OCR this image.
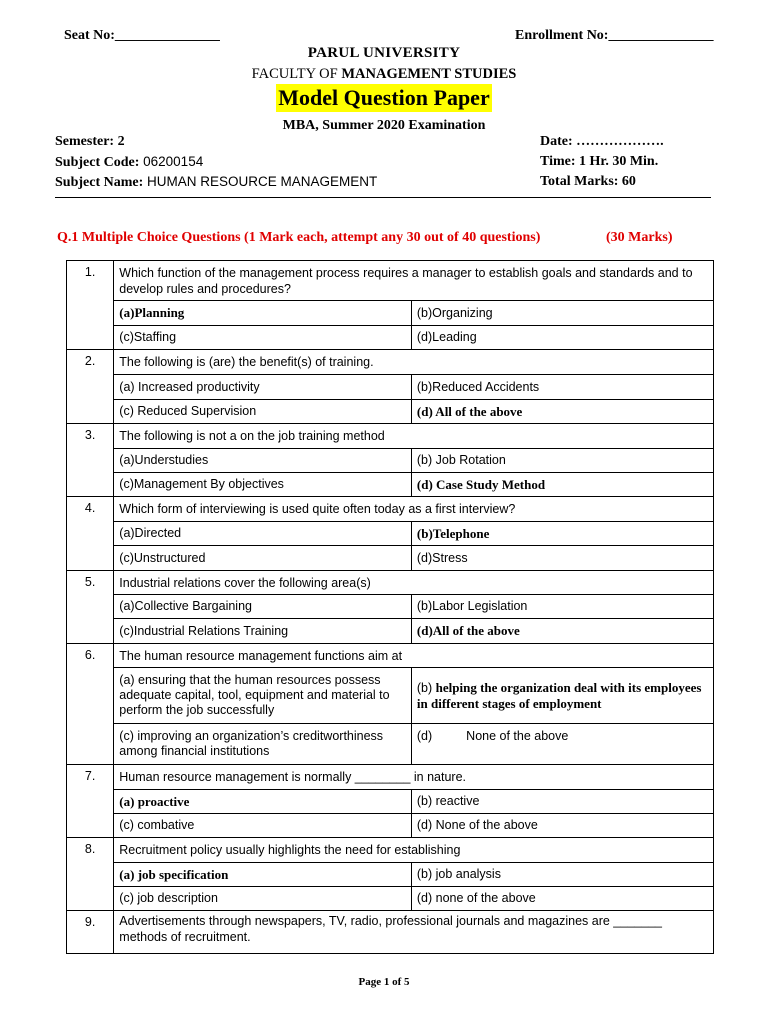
Seat No:_______________	Enrollment No:_______________
PARUL UNIVERSITY
FACULTY OF MANAGEMENT STUDIES
Model Question Paper
MBA, Summer 2020 Examination
Semester: 2
Subject Code: 06200154
Subject Name: HUMAN RESOURCE MANAGEMENT
Date: ……………….
Time: 1 Hr. 30 Min.
Total Marks: 60
Q.1 Multiple Choice Questions (1 Mark each, attempt any 30 out of 40 questions)	(30 Marks)
1.	Which function of the management process requires a manager to establish goals and standards and to develop rules and procedures?	
	(a)Planning	(b)Organizing
	(c)Staffing	(d)Leading
2.	The following is (are) the benefit(s) of training.	
	(a) Increased productivity	(b)Reduced Accidents
	(c) Reduced Supervision	(d) All of the above
3.	The following is not a on the job training method	
	(a)Understudies	(b) Job Rotation
	(c)Management By objectives	(d) Case Study Method
4.	Which form of interviewing is used quite often today as a first interview?	
	(a)Directed	(b)Telephone
	(c)Unstructured	(d)Stress
5.	Industrial relations cover the following area(s)	
	(a)Collective Bargaining	(b)Labor Legislation
	(c)Industrial Relations Training	(d)All of the above
6.	The human resource management functions aim at	
	(a) ensuring that the human resources possess adequate capital, tool, equipment and material to perform the job successfully	(b) helping the organization deal with its employees in different stages of employment
	(c) improving an organization’s creditworthiness among financial institutions	(d) None of the above
7.	Human resource management is normally ________ in nature.	
	(a) proactive	(b) reactive
	(c) combative	(d) None of the above
8.	Recruitment policy usually highlights the need for establishing	
	(a) job specification	(b) job analysis
	(c) job description	(d) none of the above
9.	Advertisements through newspapers, TV, radio, professional journals and magazines are _______ methods of recruitment.	
Page 1 of 5
